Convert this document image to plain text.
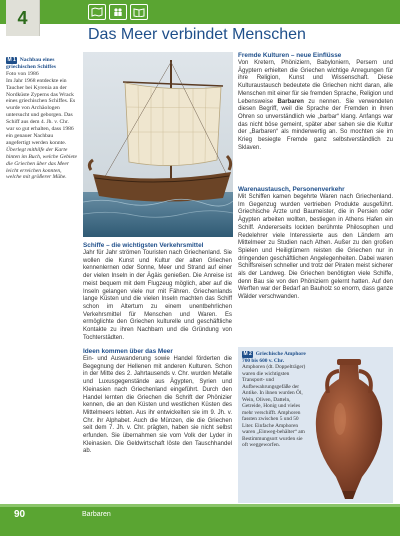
4
Das Meer verbindet Menschen
M 1 Nachbau eines griechischen Schiffes
Foto von 1986
Im Jahr 1968 entdeckte ein Taucher bei Kyrenia an der Nordküste Zyperns das Wrack eines griechischen Schiffes. Es wurde von Archäologen untersucht und geborgen. Das Schiff aus dem 4. Jh. v. Chr. war so gut erhalten, dass 1986 ein genauer Nachbau angefertigt werden konnte.
Überlegt mithilfe der Karte hinten im Buch, welche Gebiete die Griechen über das Meer leicht erreichen konnten, welche mit größerer Mühe.
Schiffe – die wichtigsten Verkehrsmittel

Jahr für Jahr strömen Touristen nach Griechenland. Sie wollen die Kunst und Kultur der alten Griechen kennenlernen oder Sonne, Meer und Strand auf einer der vielen Inseln in der Ägäis genießen. Die Anreise ist meist bequem mit dem Flugzeug möglich, aber auf die Inseln gelangen viele nur mit Fähren. Griechenlands lange Küsten und die vielen Inseln machten das Schiff schon im Altertum zu einem unentbehrlichen Verkehrsmittel für Menschen und Waren. Es ermöglichte den Griechen kulturelle und geschäftliche Kontakte zu ihren Nachbarn und die Gründung von Tochterstädten.

Ideen kommen über das Meer

Ein- und Auswanderung sowie Handel förderten die Begegnung der Hellenen mit anderen Kulturen. Schon in der Mitte des 2. Jahrtausends v. Chr. wurden Metalle und Luxusgegenstände aus Ägypten, Syrien und Kleinasien nach Griechenland eingeführt. Durch den Handel lernten die Griechen die Schrift der Phönizier kennen, die an den Küsten und westlichen Küsten des Mittelmeers lebten. Aus ihr entwickelten sie im 9. Jh. v. Chr. ihr Alphabet. Auch die Münzen, die die Griechen seit dem 7. Jh. v. Chr. prägten, haben sie nicht selbst erfunden. Sie übernahmen sie vom Volk der Lyder in Kleinasien. Die Geldwirtschaft löste den Tauschhandel ab.

Fremde Kulturen – neue Einflüsse

Von Kretern, Phöniziern, Babyloniern, Persern und Ägyptern erhielten die Griechen wichtige Anregungen für ihre Religion, Kunst und Wissenschaft. Diese Kulturaustausch bedeutete die Griechen nicht daran, alle Menschen mit einer für sie fremden Sprache, Religion und Lebensweise Barbaren zu nennen. Sie verwendeten diesen Begriff, weil die Sprache der Fremden in ihren Ohren so unverständlich wie „barbar“ klang. Anfangs war das nicht böse gemeint, später aber sahen sie die Kultur der „Barbaren“ als minderwertig an. So mochten sie im Krieg besiegte Fremde ganz selbstverständlich zu Sklaven.

Warenaustausch, Personenverkehr

Mit Schiffen kamen begehrte Waren nach Griechenland. Im Gegenzug wurden vertrieben Produkte ausgeführt. Griechische Ärzte und Baumeister, die in Persien oder Ägypten arbeiten wollten, bestiegen in Athens Hafen ein Schiff. Andererseits lockten berühmte Philosophen und Redelehrer viele Interessierte aus den Ländern am Mittelmeer zu Studien nach Athen. Außer zu den großen Spielen und Heiligtümern reisten die Griechen nur in dringenden geschäftlichen Angelegenheiten. Dabei waren Schiffsreisen schneller und trotz der Piraten meist sicherer als der Landweg. Die Griechen benötigten viele Schiffe, denn Bau sie von den Phöniziern gelernt hatten. Auf den Werften war der Bedarf an Bauholz so enorm, dass ganze Wälder verschwanden.

M 2 Griechische Amphore
700 bis 600 v. Chr.
Amphoren (dt. Doppelträger) waren die wichtigsten Transport- und Aufbewahrungsgefäße der Antike. In ihnen wurden Öl, Wein, Oliven, Datteln, Getreide, Honig und vieles mehr verschifft. Amphoren fassten zwischen 5 und 50 Liter. Einfache Amphoren waren „Einweg-behälter“ am Bestimmungsort wurden sie oft weggeworfen.
90	Barbaren
